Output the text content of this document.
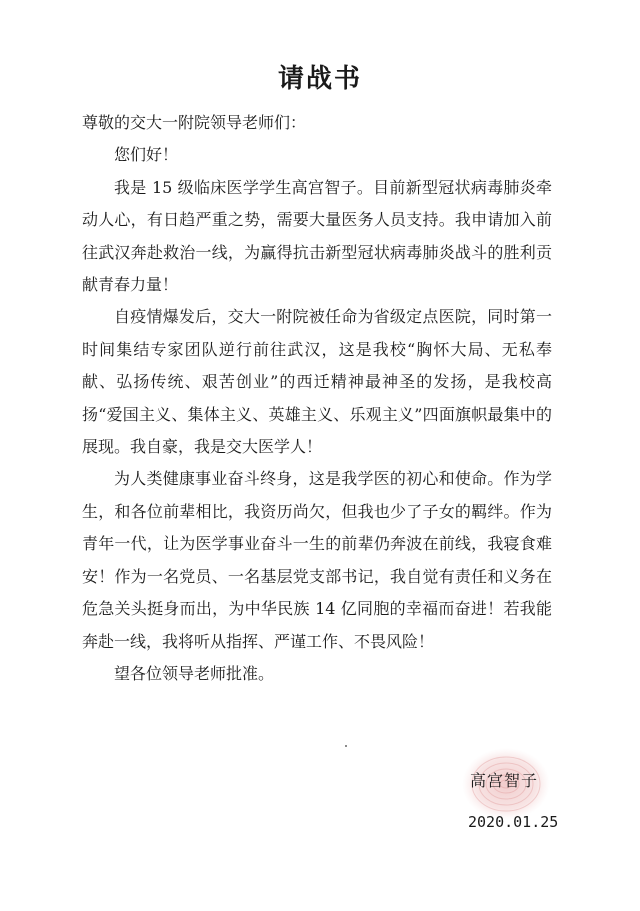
请战书

尊敬的交大一附院领导老师们：

您们好！

我是 15 级临床医学学生高宫智子。目前新型冠状病毒肺炎牵动人心，有日趋严重之势，需要大量医务人员支持。我申请加入前往武汉奔赴救治一线，为赢得抗击新型冠状病毒肺炎战斗的胜利贡献青春力量！

自疫情爆发后，交大一附院被任命为省级定点医院，同时第一时间集结专家团队逆行前往武汉，这是我校“胸怀大局、无私奉献、弘扬传统、艰苦创业”的西迁精神最神圣的发扬，是我校高扬“爱国主义、集体主义、英雄主义、乐观主义”四面旗帜最集中的展现。我自豪，我是交大医学人！

为人类健康事业奋斗终身，这是我学医的初心和使命。作为学生，和各位前辈相比，我资历尚欠，但我也少了子女的羁绊。作为青年一代，让为医学事业奋斗一生的前辈仍奔波在前线，我寝食难安！作为一名党员、一名基层党支部书记，我自觉有责任和义务在危急关头挺身而出，为中华民族 14 亿同胞的幸福而奋进！若我能奔赴一线，我将听从指挥、严谨工作、不畏风险！

望各位领导老师批准。

高宫智子
2020.01.25
